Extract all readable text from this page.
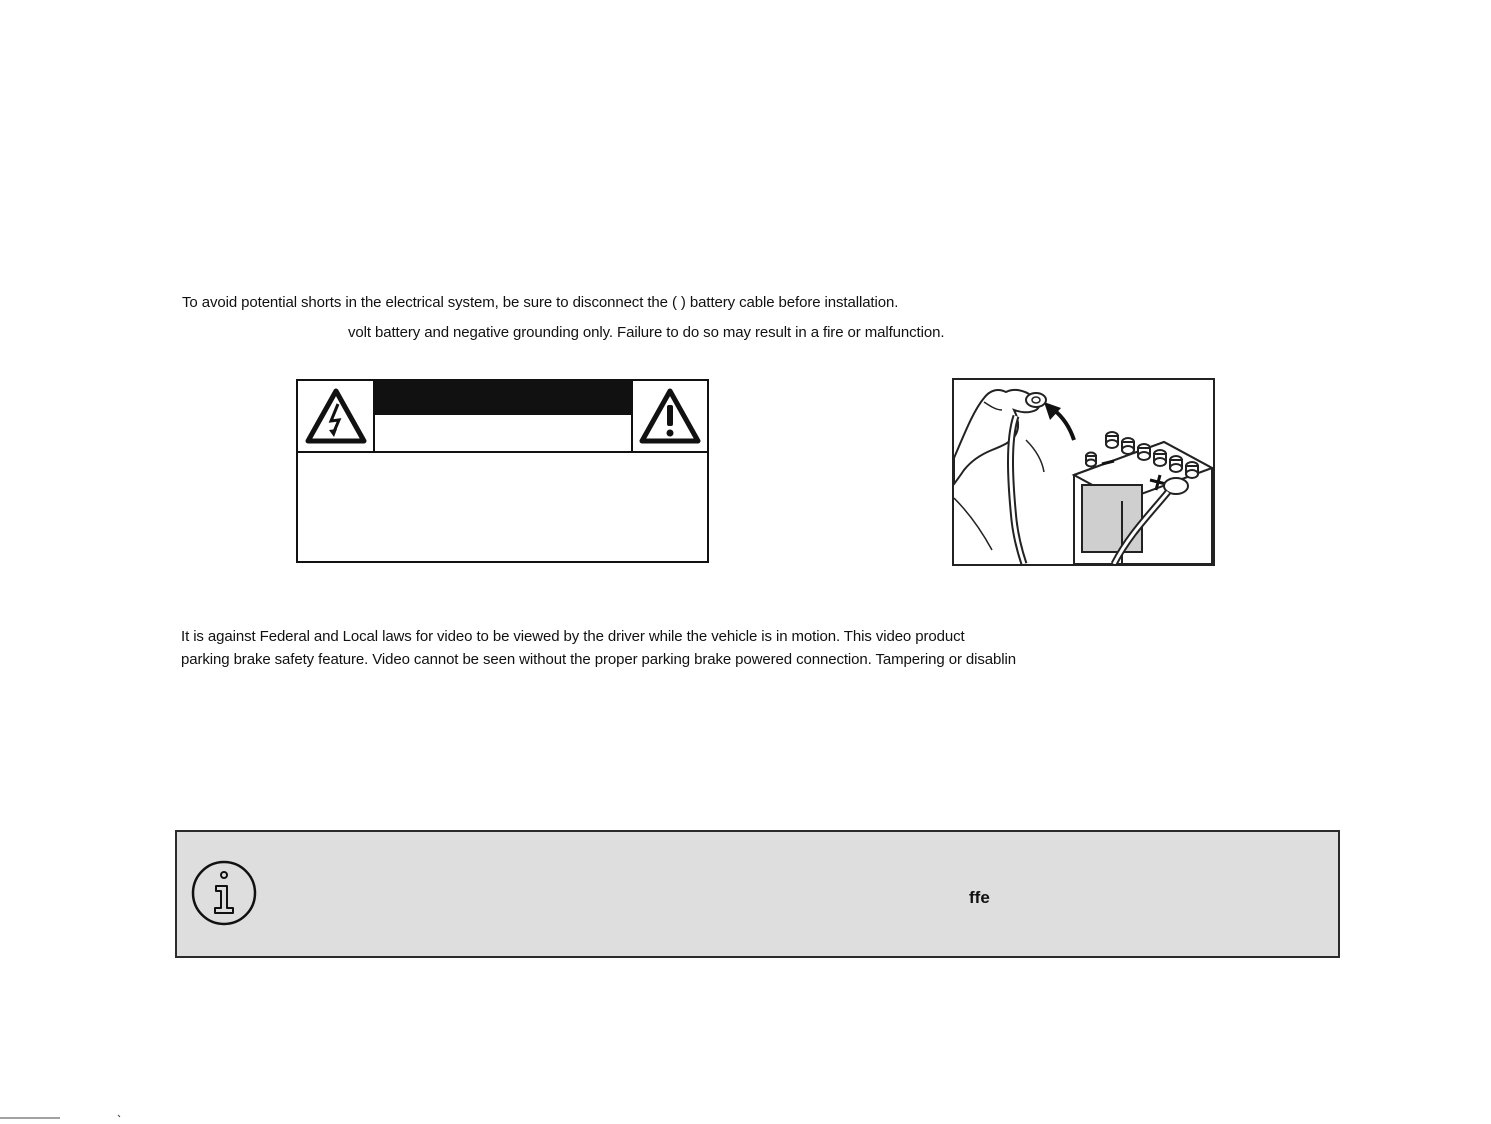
To avoid potential shorts in the electrical system, be sure to disconnect the ( ) battery cable before installation.
volt battery and negative grounding only. Failure to do so may result in a fire or malfunction.
It is against Federal and Local laws for video to be viewed by the driver while the vehicle is in motion. This video product
parking brake safety feature. Video cannot be seen without the proper parking brake powered connection. Tampering or disablin
ffe
